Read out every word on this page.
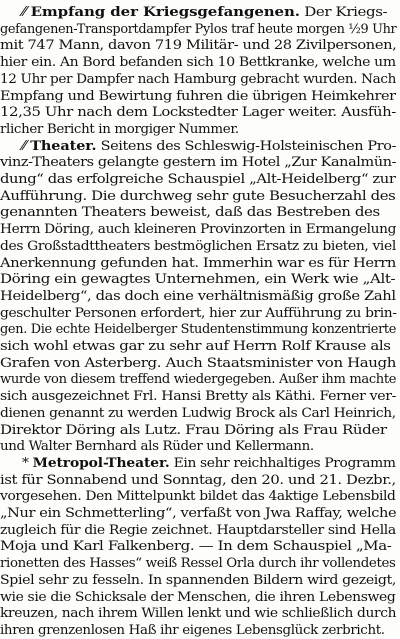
⁄⁄ Empfang der Kriegsgefangenen. Der Kriegs-
gefangenen-Transportdampfer Pylos traf heute morgen ½9 Uhr
mit 747 Mann, davon 719 Militär- und 28 Zivilpersonen,
hier ein. An Bord befanden sich 10 Bettkranke, welche um
12 Uhr per Dampfer nach Hamburg gebracht wurden. Nach
Empfang und Bewirtung fuhren die übrigen Heimkehrer
12,35 Uhr nach dem Lockstedter Lager weiter. Ausfüh-
rlicher Bericht in morgiger Nummer.
⁄⁄ Theater. Seitens des Schleswig-Holsteinischen Pro-
vinz-Theaters gelangte gestern im Hotel „Zur Kanalmün-
dung“ das erfolgreiche Schauspiel „Alt-Heidelberg“ zur
Aufführung. Die durchweg sehr gute Besucherzahl des
genannten Theaters beweist, daß das Bestreben des
Herrn Döring, auch kleineren Provinzorten in Ermangelung
des Großstadttheaters bestmöglichen Ersatz zu bieten, viel
Anerkennung gefunden hat. Immerhin war es für Herrn
Döring ein gewagtes Unternehmen, ein Werk wie „Alt-
Heidelberg“, das doch eine verhältnismäßig große Zahl
geschulter Personen erfordert, hier zur Aufführung zu brin-
gen. Die echte Heidelberger Studentenstimmung konzentrierte
sich wohl etwas gar zu sehr auf Herrn Rolf Krause als
Grafen von Asterberg. Auch Staatsminister von Haugh
wurde von diesem treffend wiedergegeben. Außer ihm machte
sich ausgezeichnet Frl. Hansi Bretty als Käthi. Ferner ver-
dienen genannt zu werden Ludwig Brock als Carl Heinrich,
Direktor Döring als Lutz. Frau Döring als Frau Rüder
und Walter Bernhard als Rüder und Kellermann.
* Metropol-Theater. Ein sehr reichhaltiges Programm
ist für Sonnabend und Sonntag, den 20. und 21. Dezbr.,
vorgesehen. Den Mittelpunkt bildet das 4aktige Lebensbild
„Nur ein Schmetterling“, verfaßt von Jwa Raffay, welche
zugleich für die Regie zeichnet. Hauptdarsteller sind Hella
Moja und Karl Falkenberg. — In dem Schauspiel „Ma-
rionetten des Hasses“ weiß Ressel Orla durch ihr vollendetes
Spiel sehr zu fesseln. In spannenden Bildern wird gezeigt,
wie sie die Schicksale der Menschen, die ihren Lebensweg
kreuzen, nach ihrem Willen lenkt und wie schließlich durch
ihren grenzenlosen Haß ihr eigenes Lebensglück zerbricht.
